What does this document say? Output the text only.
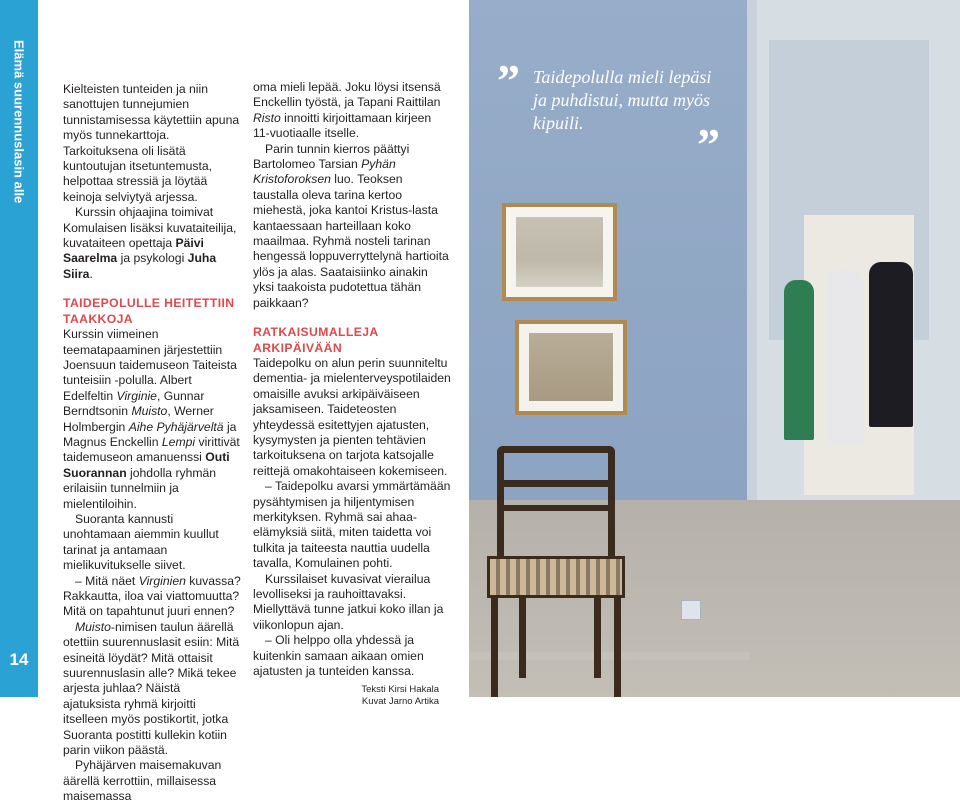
Elämä suurennuslasin alle
14

Kielteisten tunteiden ja niin sanottujen tunnejumien tunnistamisessa käytettiin apuna myös tunnekarttoja. Tarkoituksena oli lisätä kuntoutujan itsetuntemusta, helpottaa stressiä ja löytää keinoja selviytyä arjessa.

Kurssin ohjaajina toimivat Komulaisen lisäksi kuvataiteilija, kuvataiteen opettaja Päivi Saarelma ja psykologi Juha Siira.

TAIDEPOLULLE HEITETTIIN TAAKKOJA

Kurssin viimeinen teematapaaminen järjestettiin Joensuun taidemuseon Taiteista tunteisiin -polulla. Albert Edelfeltin Virginie, Gunnar Berndtsonin Muisto, Werner Holmbergin Aihe Pyhäjärveltä ja Magnus Enckellin Lempi virittivät taidemuseon amanuenssi Outi Suorannan johdolla ryhmän erilaisiin tunnelmiin ja mielentiloihin.

Suoranta kannusti unohtamaan aiemmin kuullut tarinat ja antamaan mielikuvitukselle siivet.

– Mitä näet Virginien kuvassa? Rakkautta, iloa vai viattomuutta? Mitä on tapahtunut juuri ennen?

Muisto-nimisen taulun äärellä otettiin suurennuslasit esiin: Mitä esineitä löydät? Mitä ottaisit suurennuslasin alle? Mikä tekee arjesta juhlaa? Näistä ajatuksista ryhmä kirjoitti itselleen myös postikortit, jotka Suoranta postitti kullekin kotiin parin viikon päästä.

Pyhäjärven maisemakuvan äärellä kerrottiin, millaisessa maisemassa

oma mieli lepää. Joku löysi itsensä Enckellin työstä, ja Tapani Raittilan Risto innoitti kirjoittamaan kirjeen 11-vuotiaalle itselle.

Parin tunnin kierros päättyi Bartolomeo Tarsian Pyhän Kristoforoksen luo. Teoksen taustalla oleva tarina kertoo miehestä, joka kantoi Kristus-lasta kantaessaan harteillaan koko maailmaa. Ryhmä nosteli tarinan hengessä loppuverryttelynä hartioita ylös ja alas. Saataisiinko ainakin yksi taakoista pudotettua tähän paikkaan?

RATKAISUMALLEJA ARKIPÄIVÄÄN

Taidepolku on alun perin suunniteltu dementia- ja mielenterveyspotilaiden omaisille avuksi arkipäiväiseen jaksamiseen. Taideteosten yhteydessä esitettyjen ajatusten, kysymysten ja pienten tehtävien tarkoituksena on tarjota katsojalle reittejä omakohtaiseen kokemiseen.

– Taidepolku avarsi ymmärtämään pysähtymisen ja hiljentymisen merkityksen. Ryhmä sai ahaa-elämyksiä siitä, miten taidetta voi tulkita ja taiteesta nauttia uudella tavalla, Komulainen pohti.

Kurssilaiset kuvasivat vierailua levolliseksi ja rauhoittavaksi. Miellyttävä tunne jatkui koko illan ja viikonlopun ajan.

– Oli helppo olla yhdessä ja kuitenkin samaan aikaan omien ajatusten ja tunteiden kanssa.

Teksti Kirsi Hakala
Kuvat Jarno Artika

” Taidepolulla mieli lepäsi ja puhdistui, mutta myös kipuili.	”
